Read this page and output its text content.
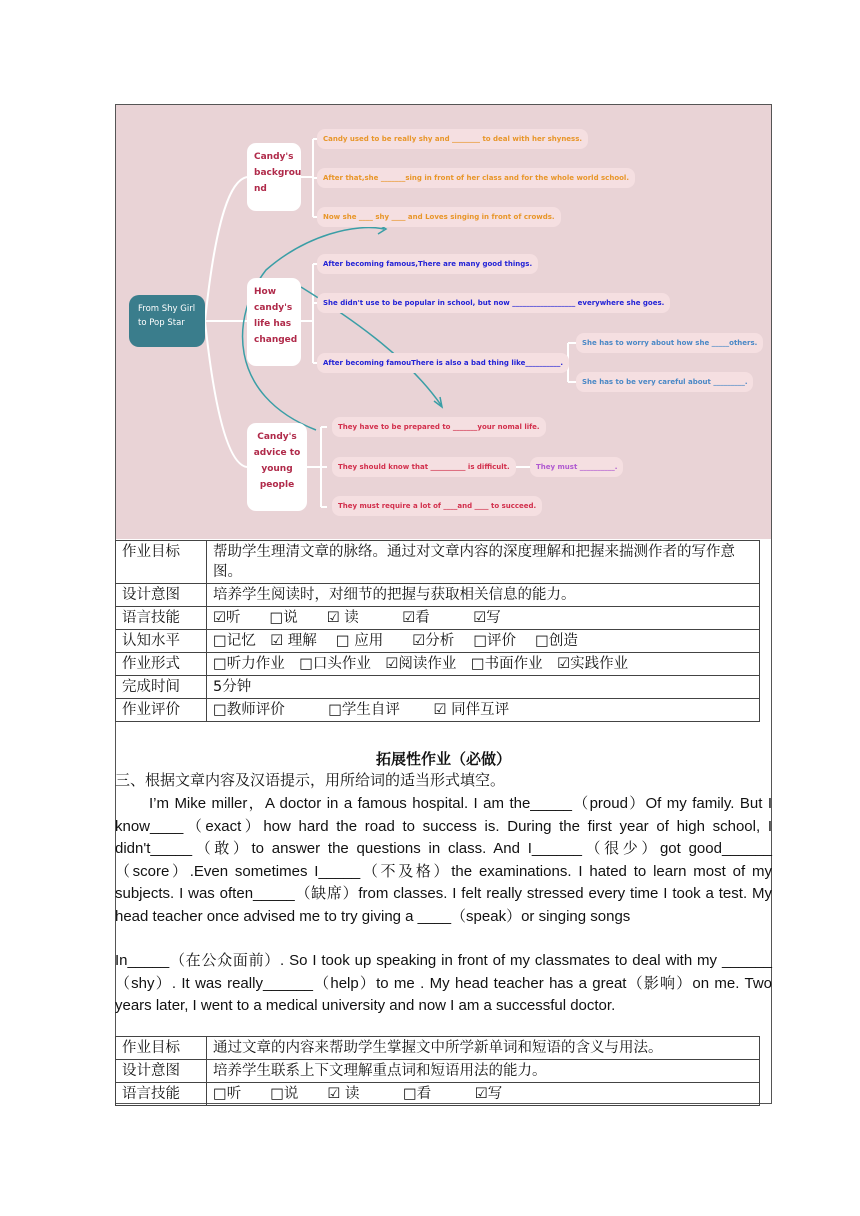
From Shy Girl to Pop Star
Candy's backgrou nd
How candy's life has changed
Candy's advice to young people
Candy used to be really shy and ________ to deal with her shyness.
After that,she _______sing in front of her class and for the whole world school.
Now she ____ shy ____ and Loves singing in front of crowds.
After becoming famous,There are many good things.
She didn't use to be popular in school, but now __________________ everywhere she goes.
After becoming famouThere is also a bad thing like__________.
She has to worry about how she _____others.
She has to be very careful about _________.
They have to be prepared to _______your nomal life.
They should know that __________ is difficult.
They must require a lot of ____and ____ to succeed.
They must __________.
作业目标	帮助学生理清文章的脉络。通过对文章内容的深度理解和把握来揣测作者的写作意图。
设计意图	培养学生阅读时，对细节的把握与获取相关信息的能力。
语言技能	☑听　　□说　　☑ 读　　　☑看　　　☑写
认知水平	□记忆　☑ 理解　 □ 应用　　☑分析　 □评价　 □创造
作业形式	□听力作业　□口头作业　☑阅读作业　□书面作业　☑实践作业
完成时间	5分钟
作业评价	□教师评价　　　□学生自评　　 ☑ 同伴互评
拓展性作业（必做）
三、根据文章内容及汉语提示，用所给词的适当形式填空。
I’m Mike miller，A doctor in a famous hospital. I am the_____（proud）Of my family. But I know____（exact）how hard the road to success is. During the first year of high school, I didn't_____（敢）to answer the questions in class. And I______（很少）got good______（score）.Even sometimes I_____（不及格）the examinations. I hated to learn most of my subjects. I was often_____（缺席）from classes. I felt really stressed every time I took a test. My head teacher once advised me to try giving a ____（speak）or singing songs
In_____（在公众面前）. So I took up speaking in front of my classmates to deal with my ______（shy）. It was really______（help）to me . My head teacher has a great（影响）on me. Two years later, I went to a medical university and now I am a successful doctor.
作业目标	通过文章的内容来帮助学生掌握文中所学新单词和短语的含义与用法。
设计意图	培养学生联系上下文理解重点词和短语用法的能力。
语言技能	□听　　□说　　☑ 读　　　□看　　　☑写
